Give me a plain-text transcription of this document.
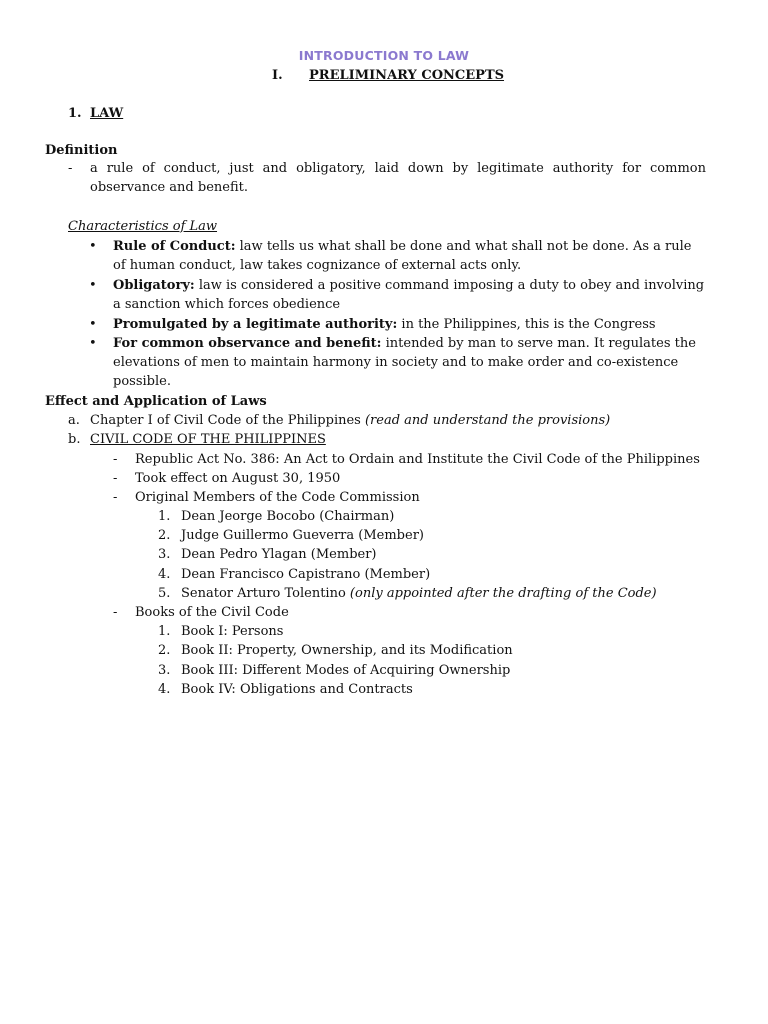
INTRODUCTION TO LAW
I.	PRELIMINARY CONCEPTS
1. LAW
Definition
- a rule of conduct, just and obligatory, laid down by legitimate authority for common observance and benefit.
Characteristics of Law
• Rule of Conduct: law tells us what shall be done and what shall not be done. As a rule of human conduct, law takes cognizance of external acts only.
• Obligatory: law is considered a positive command imposing a duty to obey and involving a sanction which forces obedience
• Promulgated by a legitimate authority: in the Philippines, this is the Congress
• For common observance and benefit: intended by man to serve man. It regulates the elevations of men to maintain harmony in society and to make order and co-existence possible.
Effect and Application of Laws
a. Chapter I of Civil Code of the Philippines (read and understand the provisions)
b. CIVIL CODE OF THE PHILIPPINES
- Republic Act No. 386: An Act to Ordain and Institute the Civil Code of the Philippines
- Took effect on August 30, 1950
- Original Members of the Code Commission
1. Dean Jeorge Bocobo (Chairman)
2. Judge Guillermo Gueverra (Member)
3. Dean Pedro Ylagan (Member)
4. Dean Francisco Capistrano (Member)
5. Senator Arturo Tolentino (only appointed after the drafting of the Code)
- Books of the Civil Code
1. Book I: Persons
2. Book II: Property, Ownership, and its Modification
3. Book III: Different Modes of Acquiring Ownership
4. Book IV: Obligations and Contracts
